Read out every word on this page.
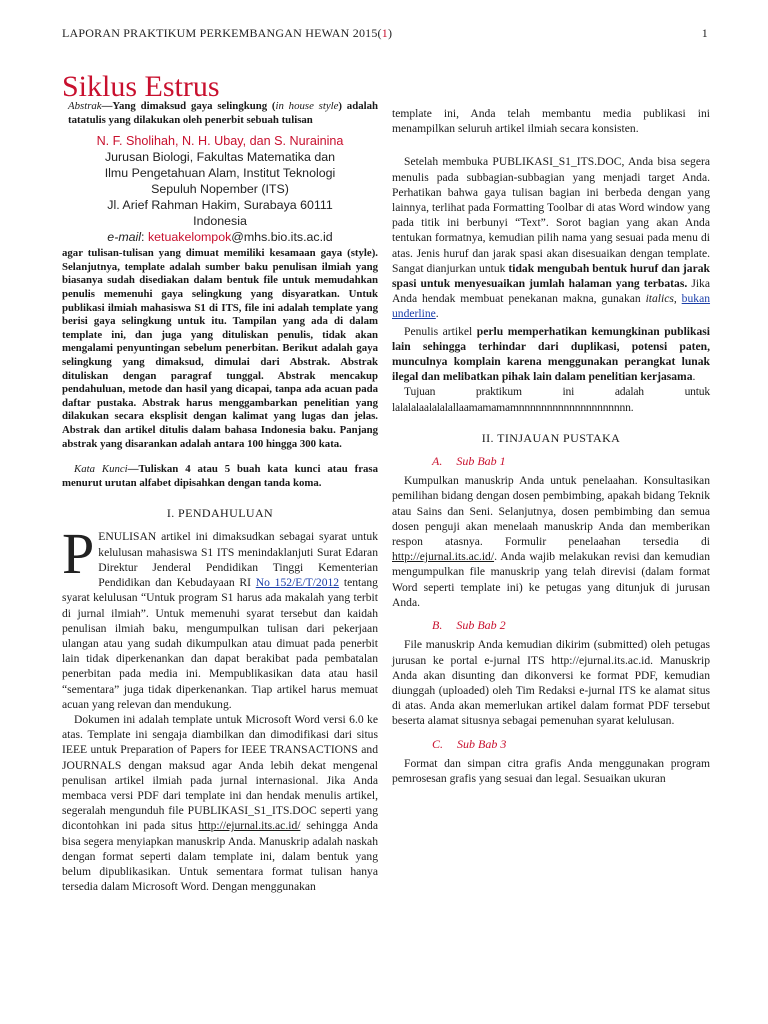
LAPORAN PRAKTIKUM PERKEMBANGAN HEWAN 2015(1)	1
Siklus Estrus
Abstrak—Yang dimaksud gaya selingkung (in house style) adalah tatatulis yang dilakukan oleh penerbit sebuah tulisan
N. F. Sholihah, N. H. Ubay, dan S. Nurainina
Jurusan Biologi, Fakultas Matematika dan
Ilmu Pengetahuan Alam, Institut Teknologi
Sepuluh Nopember (ITS)
Jl. Arief Rahman Hakim, Surabaya 60111
Indonesia
e-mail: ketuakelompok@mhs.bio.its.ac.id
agar tulisan-tulisan yang dimuat memiliki kesamaan gaya (style). Selanjutnya, template adalah sumber baku penulisan ilmiah yang biasanya sudah disediakan dalam bentuk file untuk memudahkan penulis memenuhi gaya selingkung yang disyaratkan. Untuk publikasi ilmiah mahasiswa S1 di ITS, file ini adalah template yang berisi gaya selingkung untuk itu. Tampilan yang ada di dalam template ini, dan juga yang dituliskan penulis, tidak akan mengalami penyuntingan sebelum penerbitan. Berikut adalah gaya selingkung yang dimaksud, dimulai dari Abstrak. Abstrak dituliskan dengan paragraf tunggal. Abstrak mencakup pendahuluan, metode dan hasil yang dicapai, tanpa ada acuan pada daftar pustaka. Abstrak harus menggambarkan penelitian yang dilakukan secara eksplisit dengan kalimat yang lugas dan jelas. Abstrak dan artikel ditulis dalam bahasa Indonesia baku. Panjang abstrak yang disarankan adalah antara 100 hingga 300 kata.
Kata Kunci—Tuliskan 4 atau 5 buah kata kunci atau frasa menurut urutan alfabet dipisahkan dengan tanda koma.
I. PENDAHULUAN
PENULISAN artikel ini dimaksudkan sebagai syarat untuk kelulusan mahasiswa S1 ITS menindaklanjuti Surat Edaran Direktur Jenderal Pendidikan Tinggi Kementerian Pendidikan dan Kebudayaan RI No 152/E/T/2012 tentang syarat kelulusan “Untuk program S1 harus ada makalah yang terbit di jurnal ilmiah”. Untuk memenuhi syarat tersebut dan kaidah penulisan ilmiah baku, mengumpulkan tulisan dari pekerjaan ulangan atau yang sudah dikumpulkan atau dimuat pada penerbit lain tidak diperkenankan dan dapat berakibat pada pembatalan penerbitan pada media ini. Mempublikasikan data atau hasil “sementara” juga tidak diperkenankan. Tiap artikel harus memuat acuan yang relevan dan mendukung.
Dokumen ini adalah template untuk Microsoft Word versi 6.0 ke atas. Template ini sengaja diambilkan dan dimodifikasi dari situs IEEE untuk Preparation of Papers for IEEE TRANSACTIONS and JOURNALS dengan maksud agar Anda lebih dekat mengenal penulisan artikel ilmiah pada jurnal internasional. Jika Anda membaca versi PDF dari template ini dan hendak menulis artikel, segeralah mengunduh file PUBLIKASI_S1_ITS.DOC seperti yang dicontohkan ini pada situs http://ejurnal.its.ac.id/ sehingga Anda bisa segera menyiapkan manuskrip Anda. Manuskrip adalah naskah dengan format seperti dalam template ini, dalam bentuk yang belum dipublikasikan. Untuk sementara format tulisan hanya tersedia dalam Microsoft Word. Dengan menggunakan
template ini, Anda telah membantu media publikasi ini menampilkan seluruh artikel ilmiah secara konsisten.
Setelah membuka PUBLIKASI_S1_ITS.DOC, Anda bisa segera menulis pada subbagian-subbagian yang menjadi target Anda. Perhatikan bahwa gaya tulisan bagian ini berbeda dengan yang lainnya, terlihat pada Formatting Toolbar di atas Word window yang pada titik ini berbunyi “Text”. Sorot bagian yang akan Anda tentukan formatnya, kemudian pilih nama yang sesuai pada menu di atas. Jenis huruf dan jarak spasi akan disesuaikan dengan template. Sangat dianjurkan untuk tidak mengubah bentuk huruf dan jarak spasi untuk menyesuaikan jumlah halaman yang terbatas. Jika Anda hendak membuat penekanan makna, gunakan italics, bukan underline.
Penulis artikel perlu memperhatikan kemungkinan publikasi lain sehingga terhindar dari duplikasi, potensi paten, munculnya komplain karena menggunakan perangkat lunak ilegal dan melibatkan pihak lain dalam penelitian kerjasama.
Tujuan praktikum ini adalah untuk lalalalaalalalallaamamamamnnnnnnnnnnnnnnnnnnnn.
II. TINJAUAN PUSTAKA
A. Sub Bab 1
Kumpulkan manuskrip Anda untuk penelaahan. Konsultasikan pemilihan bidang dengan dosen pembimbing, apakah bidang Teknik atau Sains dan Seni. Selanjutnya, dosen pembimbing dan semua dosen penguji akan menelaah manuskrip Anda dan memberikan respon atasnya. Formulir penelaahan tersedia di http://ejurnal.its.ac.id/. Anda wajib melakukan revisi dan kemudian mengumpulkan file manuskrip yang telah direvisi (dalam format Word seperti template ini) ke petugas yang ditunjuk di jurusan Anda.
B. Sub Bab 2
File manuskrip Anda kemudian dikirim (submitted) oleh petugas jurusan ke portal e-jurnal ITS http://ejurnal.its.ac.id. Manuskrip Anda akan disunting dan dikonversi ke format PDF, kemudian diunggah (uploaded) oleh Tim Redaksi e-jurnal ITS ke alamat situs di atas. Anda akan memerlukan artikel dalam format PDF tersebut beserta alamat situsnya sebagai pemenuhan syarat kelulusan.
C. Sub Bab 3
Format dan simpan citra grafis Anda menggunakan program pemrosesan grafis yang sesuai dan legal. Sesuaikan ukuran
